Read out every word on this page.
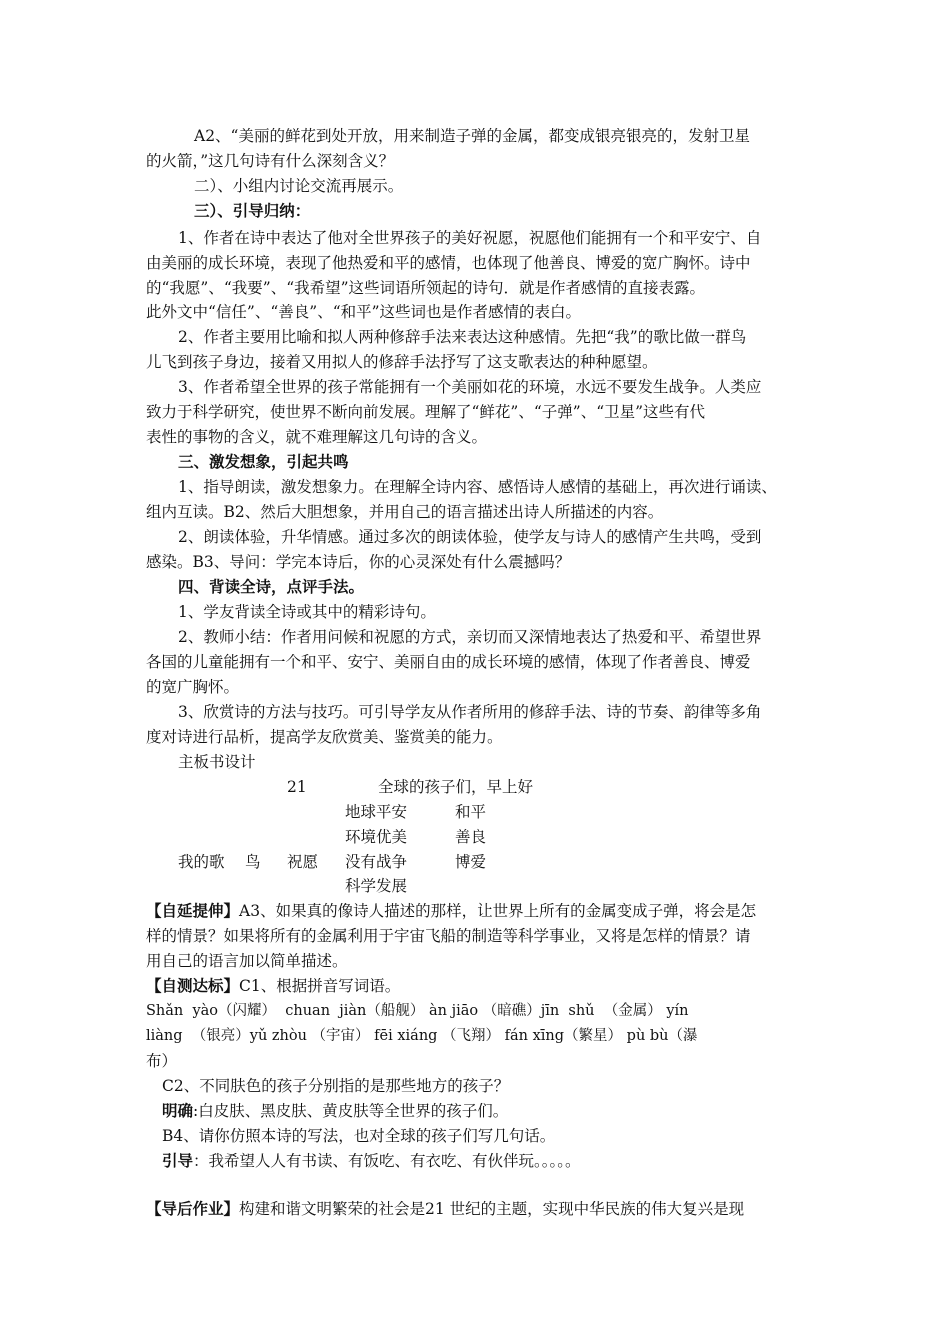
A2、“美丽的鲜花到处开放，用来制造子弹的金属，都变成银亮银亮的，发射卫星
的火箭，”这几句诗有什么深刻含义？
二）、小组内讨论交流再展示。
三）、引导归纳：
1、作者在诗中表达了他对全世界孩子的美好祝愿，祝愿他们能拥有一个和平安宁、自
由美丽的成长环境，表现了他热爱和平的感情，也体现了他善良、博爱的宽广胸怀。诗中
的“我愿”、“我要”、“我希望”这些词语所领起的诗句．就是作者感情的直接表露。
此外文中“信任”、“善良”、“和平”这些词也是作者感情的表白。
2、作者主要用比喻和拟人两种修辞手法来表达这种感情。先把“我”的歌比做一群鸟
儿飞到孩子身边，接着又用拟人的修辞手法抒写了这支歌表达的种种愿望。
3、作者希望全世界的孩子常能拥有一个美丽如花的环境，水远不要发生战争。人类应
致力于科学研究，使世界不断向前发展。理解了“鲜花”、“子弹”、“卫星”这些有代
表性的事物的含义，就不难理解这几句诗的含义。
三、激发想象，引起共鸣
1、指导朗读，激发想象力。在理解全诗内容、感悟诗人感情的基础上，再次进行诵读、
组内互读。B2、然后大胆想象，并用自己的语言描述出诗人所描述的内容。
2、朗读体验，升华情感。通过多次的朗读体验，使学友与诗人的感情产生共鸣，受到
感染。B3、导问：学完本诗后，你的心灵深处有什么震撼吗？
四、背读全诗，点评手法。
1、学友背读全诗或其中的精彩诗句。
2、教师小结：作者用问候和祝愿的方式，亲切而又深情地表达了热爱和平、希望世界
各国的儿童能拥有一个和平、安宁、美丽自由的成长环境的感情，体现了作者善良、博爱
的宽广胸怀。
3、欣赏诗的方法与技巧。可引导学友从作者所用的修辞手法、诗的节奏、韵律等多角
度对诗进行品析，提高学友欣赏美、鉴赏美的能力。
主板书设计
21	全球的孩子们，早上好
地球平安	和平
环境优美	善良
我的歌 鸟 祝愿 没有战争	博爱
科学发展
【自延提伸】A3、如果真的像诗人描述的那样，让世界上所有的金属变成子弹，将会是怎
样的情景？如果将所有的金属利用于宇宙飞船的制造等科学事业，又将是怎样的情景？请
用自己的语言加以简单描述。
【自测达标】C1、根据拼音写词语。
Shǎn  yào（闪耀）  chuan  jiàn（船舰） àn jiāo （暗礁）jīn  shǔ  （金属） yín
liàng  （银亮）yǔ zhòu （宇宙） fēi xiáng （飞翔） fán xīng（繁星） pù bù（瀑
布）
C2、不同肤色的孩子分别指的是那些地方的孩子？
明确:白皮肤、黑皮肤、黄皮肤等全世界的孩子们。
B4、请你仿照本诗的写法，也对全球的孩子们写几句话。
引导：我希望人人有书读、有饭吃、有衣吃、有伙伴玩。。。。。
【导后作业】构建和谐文明繁荣的社会是21 世纪的主题，实现中华民族的伟大复兴是现
